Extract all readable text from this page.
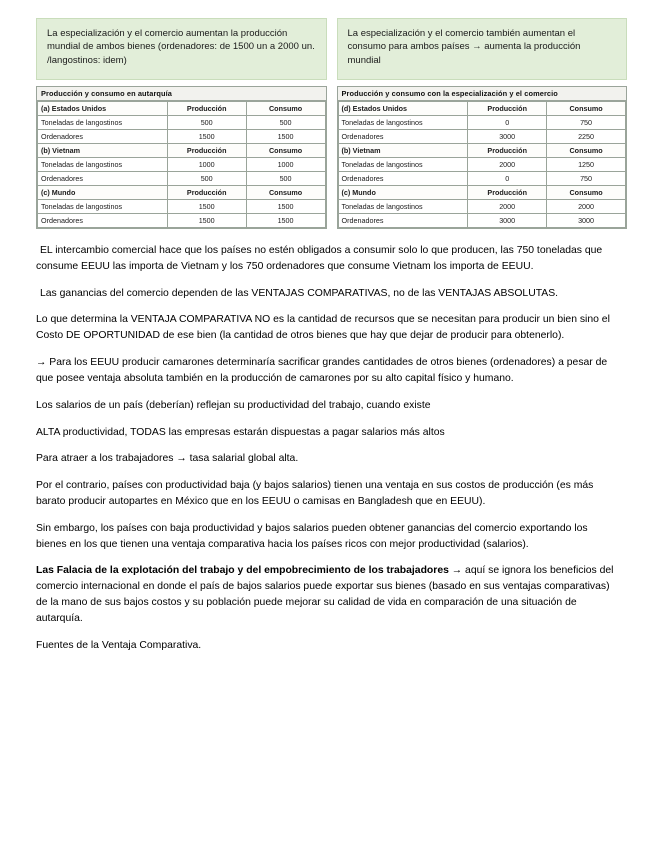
La especialización y el comercio aumentan la producción mundial de ambos bienes (ordenadores: de 1500 un a 2000 un. /langostinos: idem)
Producción y consumo en autarquía
(a) Estados Unidos	Producción	Consumo
Toneladas de langostinos	500	500
Ordenadores	1500	1500
(b) Vietnam	Producción	Consumo
Toneladas de langostinos	1000	1000
Ordenadores	500	500
(c) Mundo	Producción	Consumo
Toneladas de langostinos	1500	1500
Ordenadores	1500	1500
La especialización y el comercio también aumentan el consumo para ambos países → aumenta la producción mundial
Producción y consumo con la especialización y el comercio
(d) Estados Unidos	Producción	Consumo
Toneladas de langostinos	0	750
Ordenadores	3000	2250
(b) Vietnam	Producción	Consumo
Toneladas de langostinos	2000	1250
Ordenadores	0	750
(c) Mundo	Producción	Consumo
Toneladas de langostinos	2000	2000
Ordenadores	3000	3000

EL intercambio comercial hace que los países no estén obligados a consumir solo lo que producen, las 750 toneladas que consume EEUU las importa de Vietnam y los 750 ordenadores que consume Vietnam los importa de EEUU.

Las ganancias del comercio dependen de las VENTAJAS COMPARATIVAS, no de las VENTAJAS ABSOLUTAS.

Lo que determina la VENTAJA COMPARATIVA NO es la cantidad de recursos que se necesitan para producir un bien sino el Costo DE OPORTUNIDAD de ese bien (la cantidad de otros bienes que hay que dejar de producir para obtenerlo).

→ Para los EEUU producir camarones determinaría sacrificar grandes cantidades de otros bienes (ordenadores) a pesar de que posee ventaja absoluta también en la producción de camarones por su alto capital físico y humano.

Los salarios de un país (deberían) reflejan su productividad del trabajo, cuando existe

ALTA productividad, TODAS las empresas estarán dispuestas a pagar salarios más altos

Para atraer a los trabajadores → tasa salarial global alta.

Por el contrario, países con productividad baja (y bajos salarios) tienen una ventaja en sus costos de producción (es más barato producir autopartes en México que en los EEUU o camisas en Bangladesh que en EEUU).

Sin embargo, los países con baja productividad y bajos salarios pueden obtener ganancias del comercio exportando los bienes en los que tienen una ventaja comparativa hacia los países ricos con mejor productividad (salarios).

Las Falacia de la explotación del trabajo y del empobrecimiento de los trabajadores → aquí se ignora los beneficios del comercio internacional en donde el país de bajos salarios puede exportar sus bienes (basado en sus ventajas comparativas) de la mano de sus bajos costos y su población puede mejorar su calidad de vida en comparación de una situación de autarquía.

Fuentes de la Ventaja Comparativa.
